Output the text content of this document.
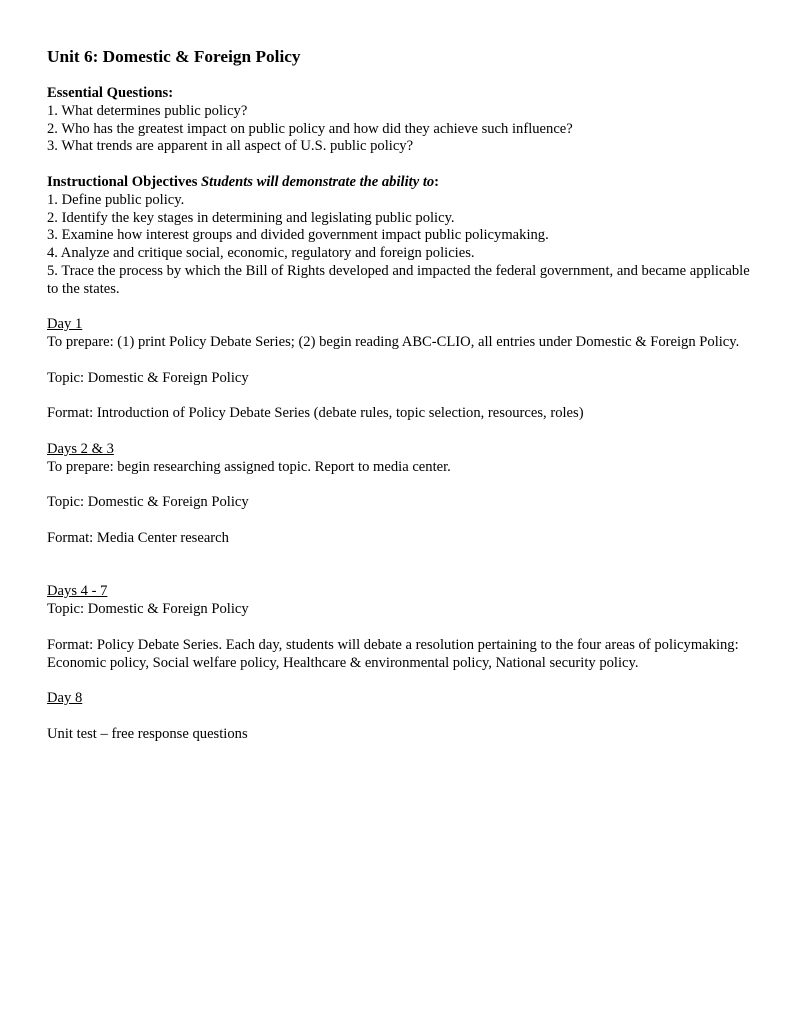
Unit 6: Domestic & Foreign Policy
Essential Questions:
1. What determines public policy?
2. Who has the greatest impact on public policy and how did they achieve such influence?
3. What trends are apparent in all aspect of U.S. public policy?
Instructional Objectives Students will demonstrate the ability to:
1. Define public policy.
2. Identify the key stages in determining and legislating public policy.
3. Examine how interest groups and divided government impact public policymaking.
4. Analyze and critique social, economic, regulatory and foreign policies.
5. Trace the process by which the Bill of Rights developed and impacted the federal government, and became applicable to the states.
Day 1
To prepare: (1) print Policy Debate Series; (2) begin reading ABC-CLIO, all entries under Domestic & Foreign Policy.
Topic: Domestic & Foreign Policy
Format: Introduction of Policy Debate Series (debate rules, topic selection, resources, roles)
Days 2 & 3
To prepare: begin researching assigned topic. Report to media center.
Topic: Domestic & Foreign Policy
Format: Media Center research
Days 4 - 7
Topic: Domestic & Foreign Policy
Format: Policy Debate Series. Each day, students will debate a resolution pertaining to the four areas of policymaking: Economic policy, Social welfare policy, Healthcare & environmental policy, National security policy.
Day 8
Unit test – free response questions
